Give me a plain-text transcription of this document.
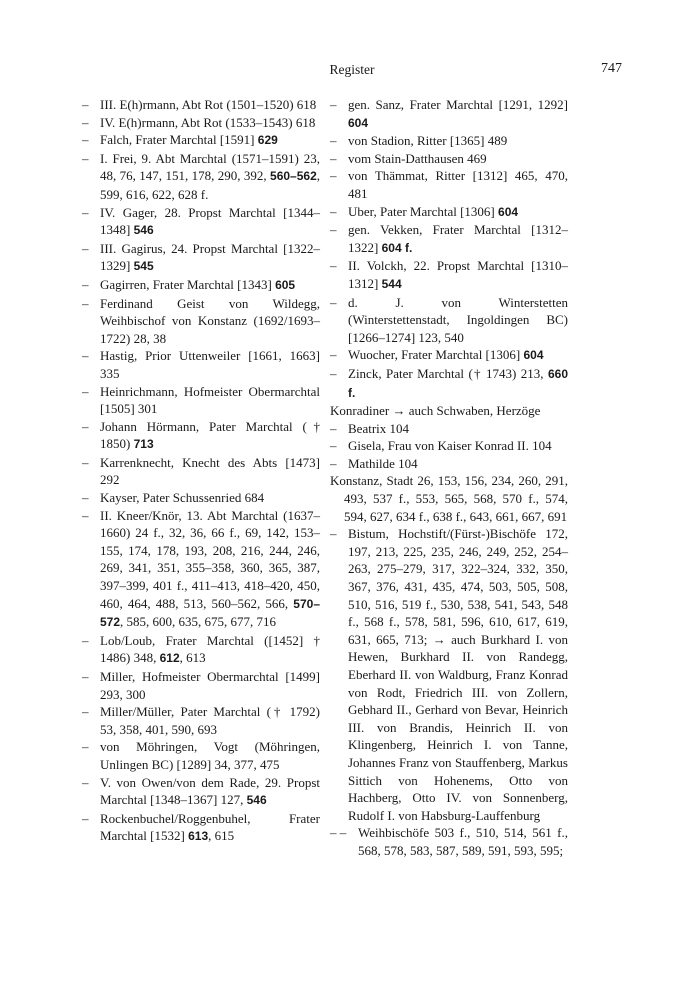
Register	747

– III. E(h)rmann, Abt Rot (1501–1520) 618

– IV. E(h)rmann, Abt Rot (1533–1543) 618

– Falch, Frater Marchtal [1591] 629

– I. Frei, 9. Abt Marchtal (1571–1591) 23, 48, 76, 147, 151, 178, 290, 392, 560–562, 599, 616, 622, 628 f.

– IV. Gager, 28. Propst Marchtal [1344–1348] 546

– III. Gagirus, 24. Propst Marchtal [1322–1329] 545

– Gagirren, Frater Marchtal [1343] 605

– Ferdinand Geist von Wildegg, Weihbischof von Konstanz (1692/1693–1722) 28, 38

– Hastig, Prior Uttenweiler [1661, 1663] 335

– Heinrichmann, Hofmeister Obermarchtal [1505] 301

– Johann Hörmann, Pater Marchtal († 1850) 713

– Karrenknecht, Knecht des Abts [1473] 292

– Kayser, Pater Schussenried 684

– II. Kneer/Knör, 13. Abt Marchtal (1637–1660) 24 f., 32, 36, 66 f., 69, 142, 153–155, 174, 178, 193, 208, 216, 244, 246, 269, 341, 351, 355–358, 360, 365, 387, 397–399, 401 f., 411–413, 418–420, 450, 460, 464, 488, 513, 560–562, 566, 570–572, 585, 600, 635, 675, 677, 716

– Lob/Loub, Frater Marchtal ([1452] † 1486) 348, 612, 613

– Miller, Hofmeister Obermarchtal [1499] 293, 300

– Miller/Müller, Pater Marchtal († 1792) 53, 358, 401, 590, 693

– von Möhringen, Vogt (Möhringen, Unlingen BC) [1289] 34, 377, 475

– V. von Owen/von dem Rade, 29. Propst Marchtal [1348–1367] 127, 546

– Rockenbuchel/Roggenbuhel, Frater Marchtal [1532] 613, 615

– gen. Sanz, Frater Marchtal [1291, 1292] 604

– von Stadion, Ritter [1365] 489

– vom Stain-Datthausen 469

– von Thämmat, Ritter [1312] 465, 470, 481

– Uber, Pater Marchtal [1306] 604

– gen. Vekken, Frater Marchtal [1312–1322] 604 f.

– II. Volckh, 22. Propst Marchtal [1310–1312] 544

– d. J. von Winterstetten (Winterstettenstadt, Ingoldingen BC) [1266–1274] 123, 540

– Wuocher, Frater Marchtal [1306] 604

– Zinck, Pater Marchtal († 1743) 213, 660 f.

Konradiner → auch Schwaben, Herzöge

– Beatrix 104

– Gisela, Frau von Kaiser Konrad II. 104

– Mathilde 104

Konstanz, Stadt 26, 153, 156, 234, 260, 291, 493, 537 f., 553, 565, 568, 570 f., 574, 594, 627, 634 f., 638 f., 643, 661, 667, 691

– Bistum, Hochstift/(Fürst-)Bischöfe 172, 197, 213, 225, 235, 246, 249, 252, 254–263, 275–279, 317, 322–324, 332, 350, 367, 376, 431, 435, 474, 503, 505, 508, 510, 516, 519 f., 530, 538, 541, 543, 548 f., 568 f., 578, 581, 596, 610, 617, 619, 631, 665, 713; → auch Burkhard I. von Hewen, Burkhard II. von Randegg, Eberhard II. von Waldburg, Franz Konrad von Rodt, Friedrich III. von Zollern, Gebhard II., Gerhard von Bevar, Heinrich III. von Brandis, Heinrich II. von Klingenberg, Heinrich I. von Tanne, Johannes Franz von Stauffenberg, Markus Sittich von Hohenems, Otto von Hachberg, Otto IV. von Sonnenberg, Rudolf I. von Habsburg-Lauffenburg

– – Weihbischöfe 503 f., 510, 514, 561 f., 568, 578, 583, 587, 589, 591, 593, 595;
